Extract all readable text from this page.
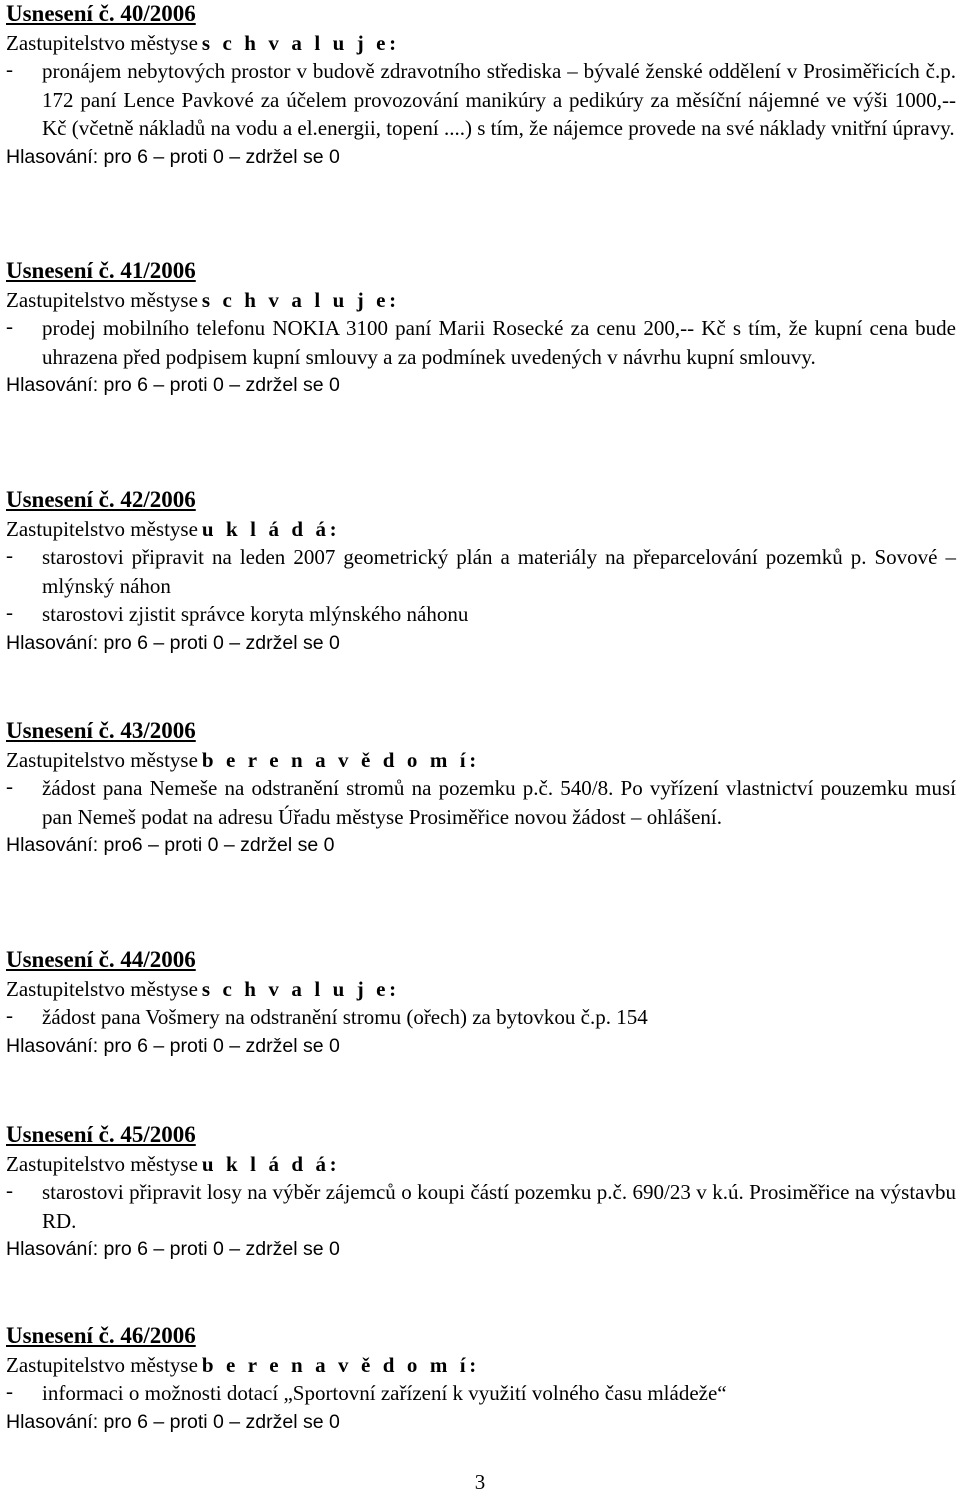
Usnesení č. 40/2006
Zastupitelstvo městyse s c h v a l u j e:
-	pronájem nebytových prostor v budově zdravotního střediska – bývalé ženské oddělení v Prosiměřicích č.p. 172 paní Lence Pavkové za účelem provozování manikúry a pedikúry za měsíční nájemné ve výši 1000,-- Kč (včetně nákladů na vodu a el.energii, topení ....) s tím, že nájemce provede na své náklady vnitřní úpravy.
Hlasování: pro 6 – proti 0 – zdržel se 0
Usnesení č. 41/2006
Zastupitelstvo městyse s c h v a l u j e:
-	prodej mobilního telefonu NOKIA 3100 paní Marii Rosecké za cenu 200,-- Kč s tím, že kupní cena bude uhrazena před podpisem kupní smlouvy a za podmínek uvedených v návrhu kupní smlouvy.
Hlasování: pro 6 – proti 0 – zdržel se 0
Usnesení č. 42/2006
Zastupitelstvo městyse u k l á d á:
-	starostovi připravit na leden 2007 geometrický plán a materiály na přeparcelování pozemků p. Sovové – mlýnský náhon
-	starostovi zjistit správce koryta mlýnského náhonu
Hlasování: pro 6 – proti 0 – zdržel se 0
Usnesení č. 43/2006
Zastupitelstvo městyse b e r e n a v ě d o m í:
-	žádost pana Nemeše na odstranění stromů na pozemku p.č. 540/8. Po vyřízení vlastnictví pouzemku musí pan Nemeš podat na adresu Úřadu městyse Prosiměřice novou žádost – ohlášení.
Hlasování: pro6 – proti 0 – zdržel se 0
Usnesení č. 44/2006
Zastupitelstvo městyse s c h v a l u j e:
-	žádost pana Vošmery na odstranění stromu (ořech) za bytovkou č.p. 154
Hlasování: pro 6 – proti 0 – zdržel se 0
Usnesení č. 45/2006
Zastupitelstvo městyse u k l á d á:
-	starostovi připravit losy na výběr zájemců o koupi částí pozemku p.č. 690/23 v k.ú. Prosiměřice na výstavbu RD.
Hlasování: pro 6 – proti 0 – zdržel se 0
Usnesení č. 46/2006
Zastupitelstvo městyse b e r e n a v ě d o m í:
-	informaci o možnosti dotací „Sportovní zařízení k využití volného času mládeže“
Hlasování: pro 6 – proti 0 – zdržel se 0
3
